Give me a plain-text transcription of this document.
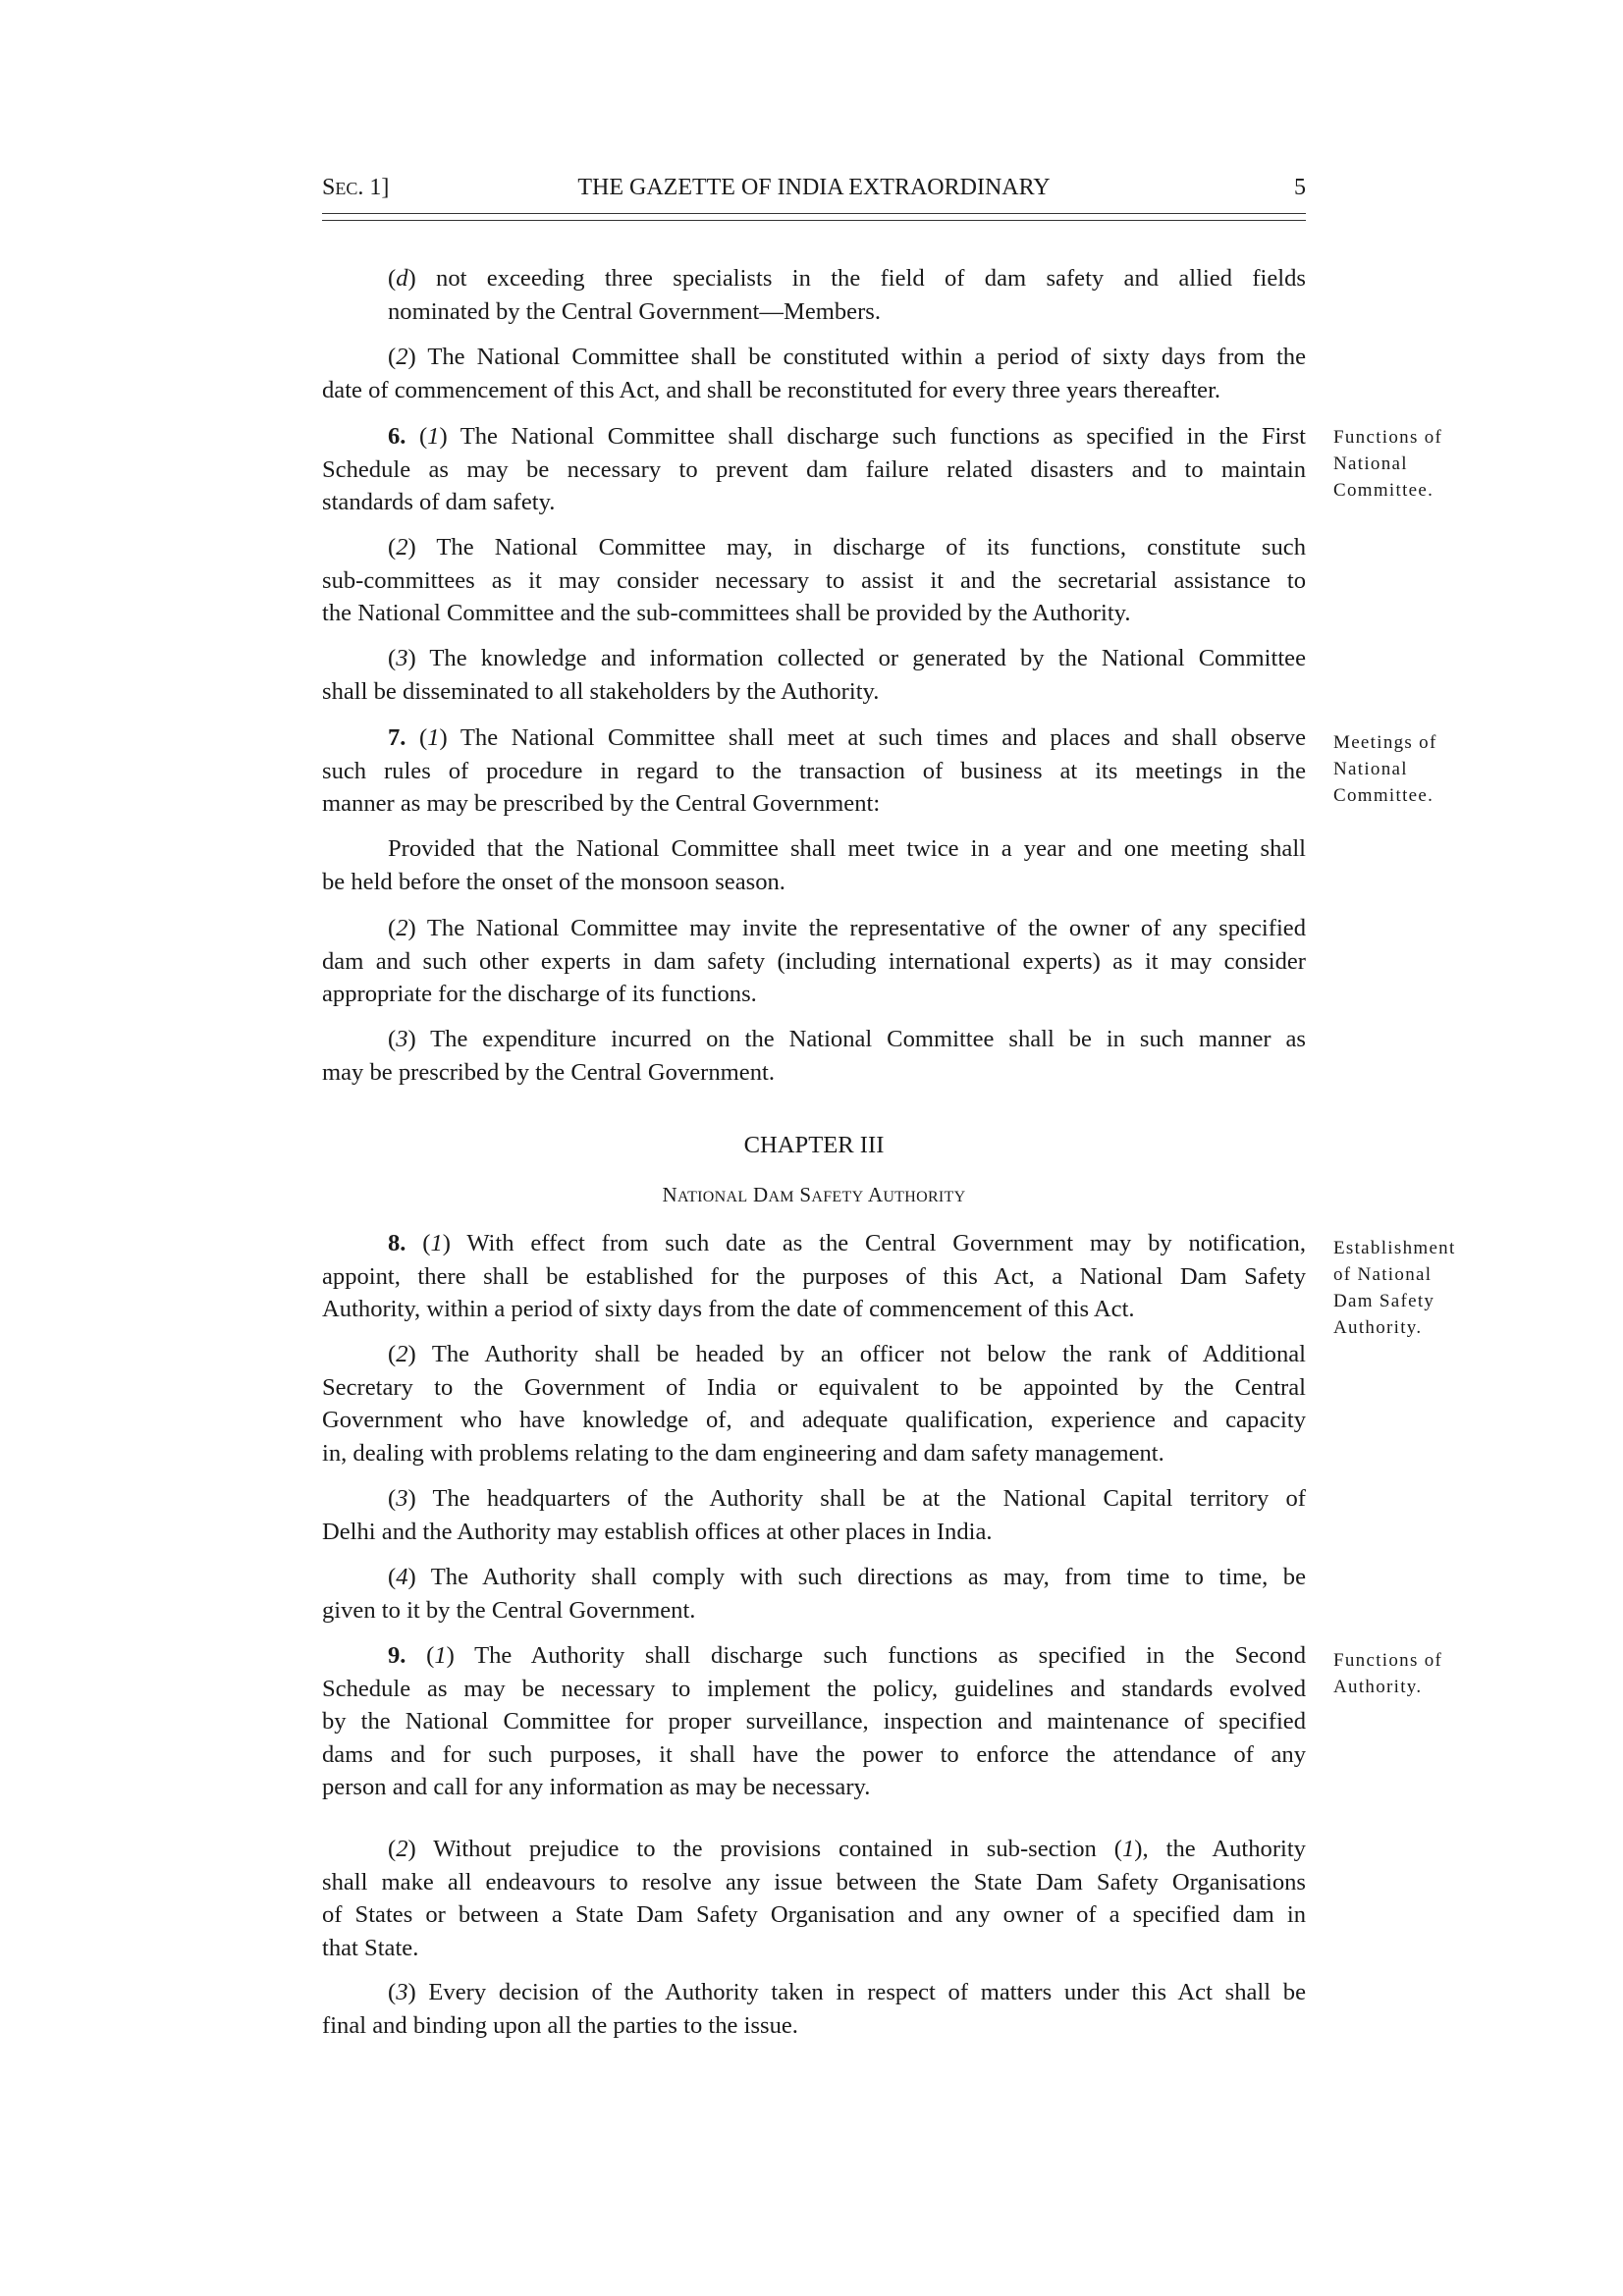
SEC. 1]	THE GAZETTE OF INDIA EXTRAORDINARY	5
(d) not exceeding three specialists in the field of dam safety and allied fields
nominated by the Central Government—Members.
(2) The National Committee shall be constituted within a period of sixty days from the
date of commencement of this Act, and shall be reconstituted for every three years thereafter.
6. (1) The National Committee shall discharge such functions as specified in the First
Schedule as may be necessary to prevent dam failure related disasters and to maintain
standards of dam safety.
(2) The National Committee may, in discharge of its functions, constitute such
sub-committees as it may consider necessary to assist it and the secretarial assistance to
the National Committee and the sub-committees shall be provided by the Authority.
(3) The knowledge and information collected or generated by the National Committee
shall be disseminated to all stakeholders by the Authority.
7. (1) The National Committee shall meet at such times and places and shall observe
such rules of procedure in regard to the transaction of business at its meetings in the
manner as may be prescribed by the Central Government:
Provided that the National Committee shall meet twice in a year and one meeting shall
be held before the onset of the monsoon season.
(2) The National Committee may invite the representative of the owner of any specified
dam and such other experts in dam safety (including international experts) as it may consider
appropriate for the discharge of its functions.
(3) The expenditure incurred on the National Committee shall be in such manner as
may be prescribed by the Central Government.
8. (1) With effect from such date as the Central Government may by notification,
appoint, there shall be established for the purposes of this Act, a National Dam Safety
Authority, within a period of sixty days from the date of commencement of this Act.
(2) The Authority shall be headed by an officer not below the rank of Additional
Secretary to the Government of India or equivalent to be appointed by the Central
Government who have knowledge of, and adequate qualification, experience and capacity
in, dealing with problems relating to the dam engineering and dam safety management.
(3) The headquarters of the Authority shall be at the National Capital territory of
Delhi and the Authority may establish offices at other places in India.
(4) The Authority shall comply with such directions as may, from time to time, be
given to it by the Central Government.
9. (1) The Authority shall discharge such functions as specified in the Second
Schedule as may be necessary to implement the policy, guidelines and standards evolved
by the National Committee for proper surveillance, inspection and maintenance of specified
dams and for such purposes, it shall have the power to enforce the attendance of any
person and call for any information as may be necessary.
(2) Without prejudice to the provisions contained in sub-section (1), the Authority
shall make all endeavours to resolve any issue between the State Dam Safety Organisations
of States or between a State Dam Safety Organisation and any owner of a specified dam in
that State.
(3) Every decision of the Authority taken in respect of matters under this Act shall be
final and binding upon all the parties to the issue.
Functions of
National
Committee.
Meetings of
National
Committee.
Establishment
of National
Dam Safety
Authority.
Functions of
Authority.

CHAPTER III

NATIONAL DAM SAFETY AUTHORITY
